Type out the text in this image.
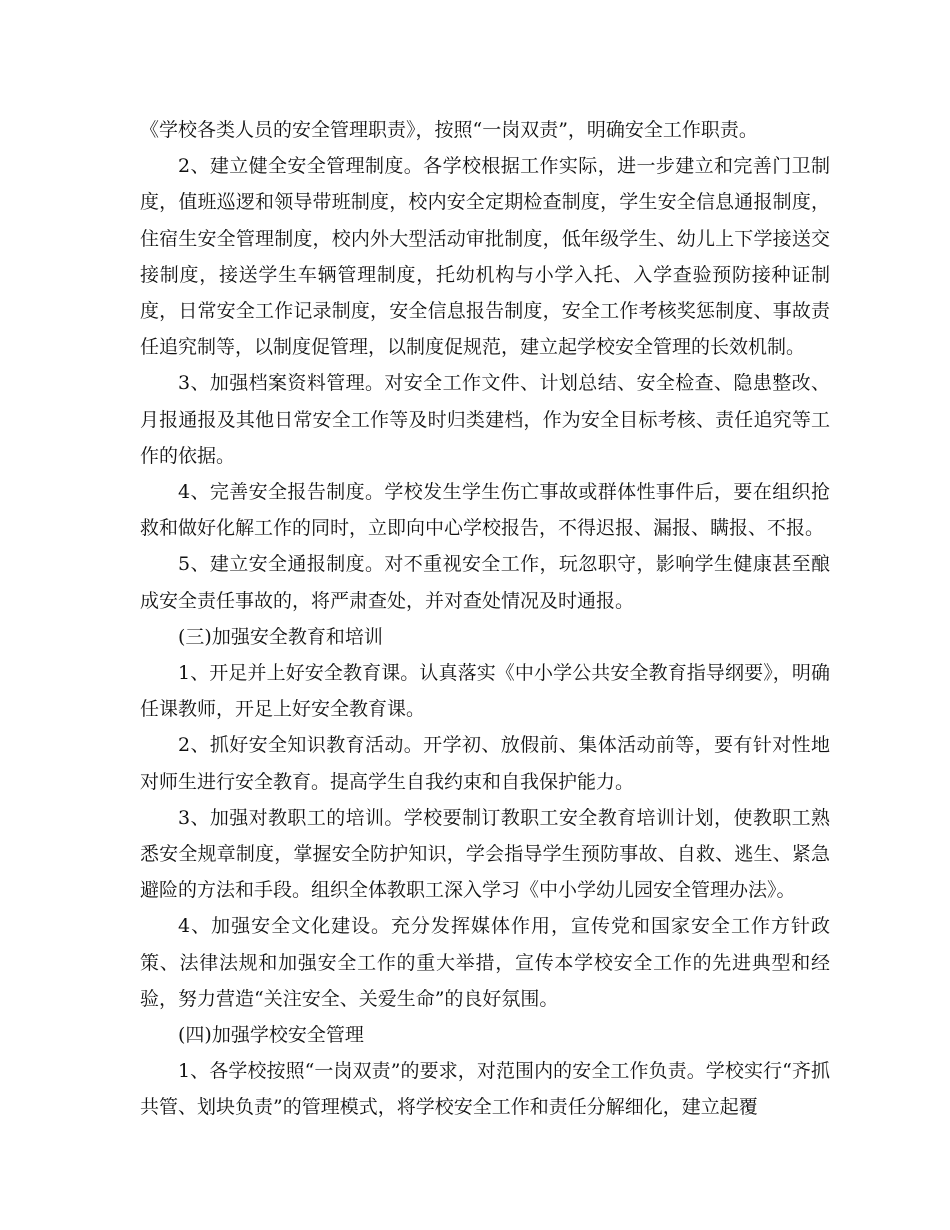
《学校各类人员的安全管理职责》，按照“一岗双责”，明确安全工作职责。

2、建立健全安全管理制度。各学校根据工作实际，进一步建立和完善门卫制度，值班巡逻和领导带班制度，校内安全定期检查制度，学生安全信息通报制度，住宿生安全管理制度，校内外大型活动审批制度，低年级学生、幼儿上下学接送交接制度，接送学生车辆管理制度，托幼机构与小学入托、入学查验预防接种证制度，日常安全工作记录制度，安全信息报告制度，安全工作考核奖惩制度、事故责任追究制等，以制度促管理，以制度促规范，建立起学校安全管理的长效机制。

3、加强档案资料管理。对安全工作文件、计划总结、安全检查、隐患整改、月报通报及其他日常安全工作等及时归类建档，作为安全目标考核、责任追究等工作的依据。

4、完善安全报告制度。学校发生学生伤亡事故或群体性事件后，要在组织抢救和做好化解工作的同时，立即向中心学校报告，不得迟报、漏报、瞒报、不报。

5、建立安全通报制度。对不重视安全工作，玩忽职守，影响学生健康甚至酿成安全责任事故的，将严肃查处，并对查处情况及时通报。

(三)加强安全教育和培训

1、开足并上好安全教育课。认真落实《中小学公共安全教育指导纲要》，明确任课教师，开足上好安全教育课。

2、抓好安全知识教育活动。开学初、放假前、集体活动前等，要有针对性地对师生进行安全教育。提高学生自我约束和自我保护能力。

3、加强对教职工的培训。学校要制订教职工安全教育培训计划，使教职工熟悉安全规章制度，掌握安全防护知识，学会指导学生预防事故、自救、逃生、紧急避险的方法和手段。组织全体教职工深入学习《中小学幼儿园安全管理办法》。

4、加强安全文化建设。充分发挥媒体作用，宣传党和国家安全工作方针政策、法律法规和加强安全工作的重大举措，宣传本学校安全工作的先进典型和经验，努力营造“关注安全、关爱生命”的良好氛围。

(四)加强学校安全管理

1、各学校按照“一岗双责”的要求，对范围内的安全工作负责。学校实行“齐抓共管、划块负责”的管理模式，将学校安全工作和责任分解细化，建立起覆
